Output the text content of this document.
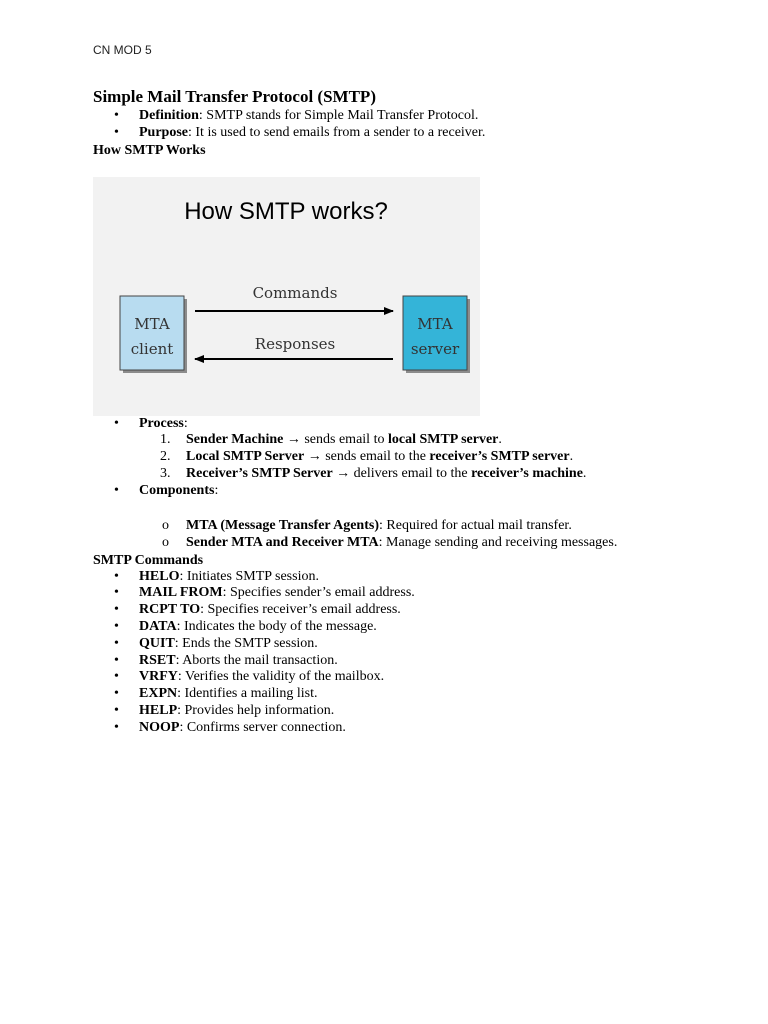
CN MOD 5
Simple Mail Transfer Protocol (SMTP)
• Definition: SMTP stands for Simple Mail Transfer Protocol.
• Purpose: It is used to send emails from a sender to a receiver.
How SMTP Works
How SMTP works?
MTA
client
MTA
server
Commands
Responses
• Process:
1. Sender Machine → sends email to local SMTP server.
2. Local SMTP Server → sends email to the receiver’s SMTP server.
3. Receiver’s SMTP Server → delivers email to the receiver’s machine.
• Components:
o MTA (Message Transfer Agents): Required for actual mail transfer.
o Sender MTA and Receiver MTA: Manage sending and receiving messages.
SMTP Commands
• HELO: Initiates SMTP session.
• MAIL FROM: Specifies sender’s email address.
• RCPT TO: Specifies receiver’s email address.
• DATA: Indicates the body of the message.
• QUIT: Ends the SMTP session.
• RSET: Aborts the mail transaction.
• VRFY: Verifies the validity of the mailbox.
• EXPN: Identifies a mailing list.
• HELP: Provides help information.
• NOOP: Confirms server connection.
